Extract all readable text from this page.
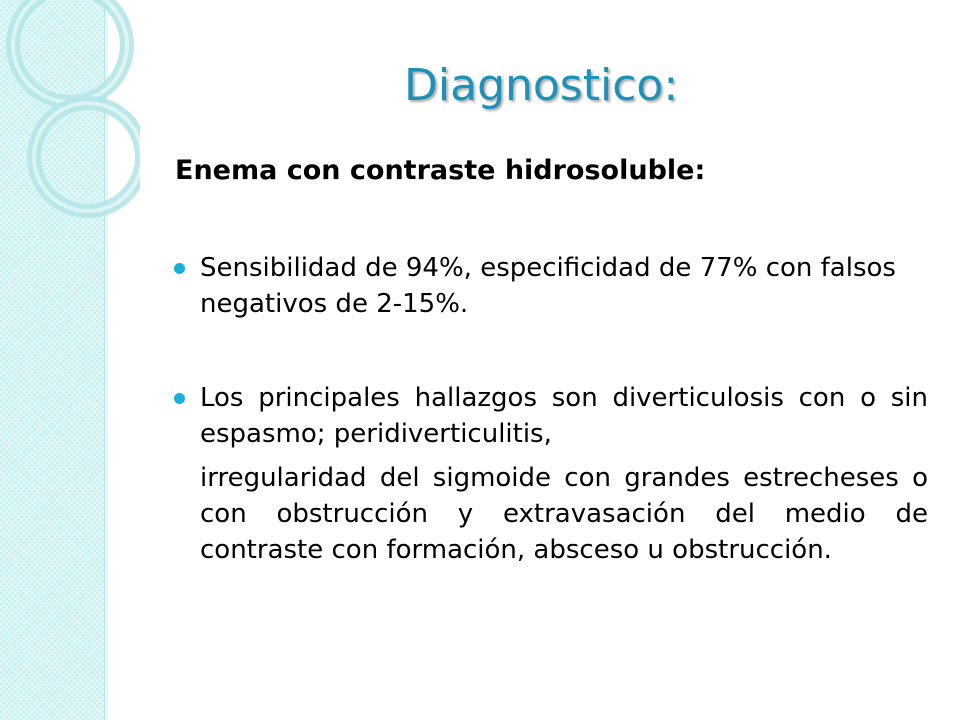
Diagnostico:

Enema con contraste hidrosoluble:

Sensibilidad de 94%, especificidad de 77% con falsos negativos de 2-15%.
Los principales hallazgos son diverticulosis con o sin espasmo; peridiverticulitis,
irregularidad del sigmoide con grandes estrecheses o con obstrucción y extravasación del medio de contraste con formación, absceso u obstrucción.
